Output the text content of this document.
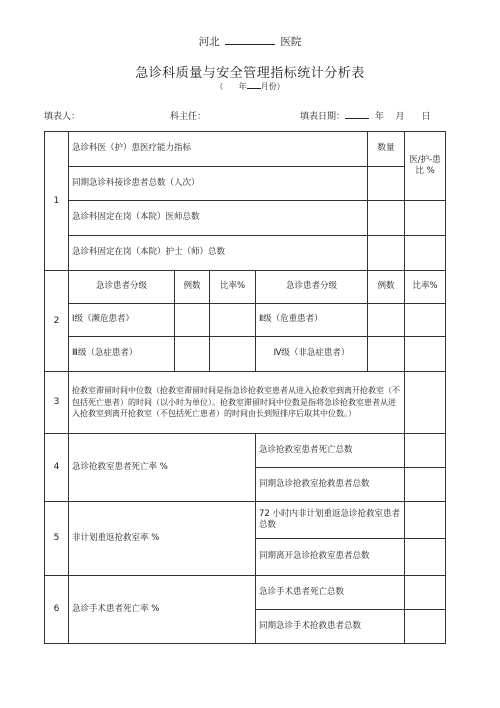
河北	医院
急诊科质量与安全管理指标统计分析表
（ 年 月份）
填表人：	科主任：	填表日期：	年 月 日
1	急诊科医（护）患医疗能力指标				数量	医/护-患比 %
	同期急诊科接诊患者总数（人次）					
	急诊科固定在岗（本院）医师总数					
	急诊科固定在岗（本院）护士（师）总数					
2	急诊患者分级	例数	比率%	急诊患者分级	例数	比率%
	Ⅰ级（濒危患者）			Ⅱ级（危重患者）		
	Ⅲ级（急症患者）			Ⅳ级（非急症患者）		
3	抢救室滞留时间中位数（抢救室滞留时间是指急诊抢救室患者从进入抢救室到离开抢救室（不包括死亡患者）的时间（以小时为单位）。抢救室滞留时间中位数是指将急诊抢救室患者从进入抢救室到离开抢救室（不包括死亡患者）的时间由长到短排序后取其中位数。）					
4	急诊抢救室患者死亡率 %			急诊抢救室患者死亡总数		
				同期急诊抢救室抢救患者总数		
5	非计划重返抢救室率 %			72 小时内非计划重返急诊抢救室患者总数		
				同期离开急诊抢救室患者总数		
6	急诊手术患者死亡率 %			急诊手术患者死亡总数		
				同期急诊手术抢救患者总数		
